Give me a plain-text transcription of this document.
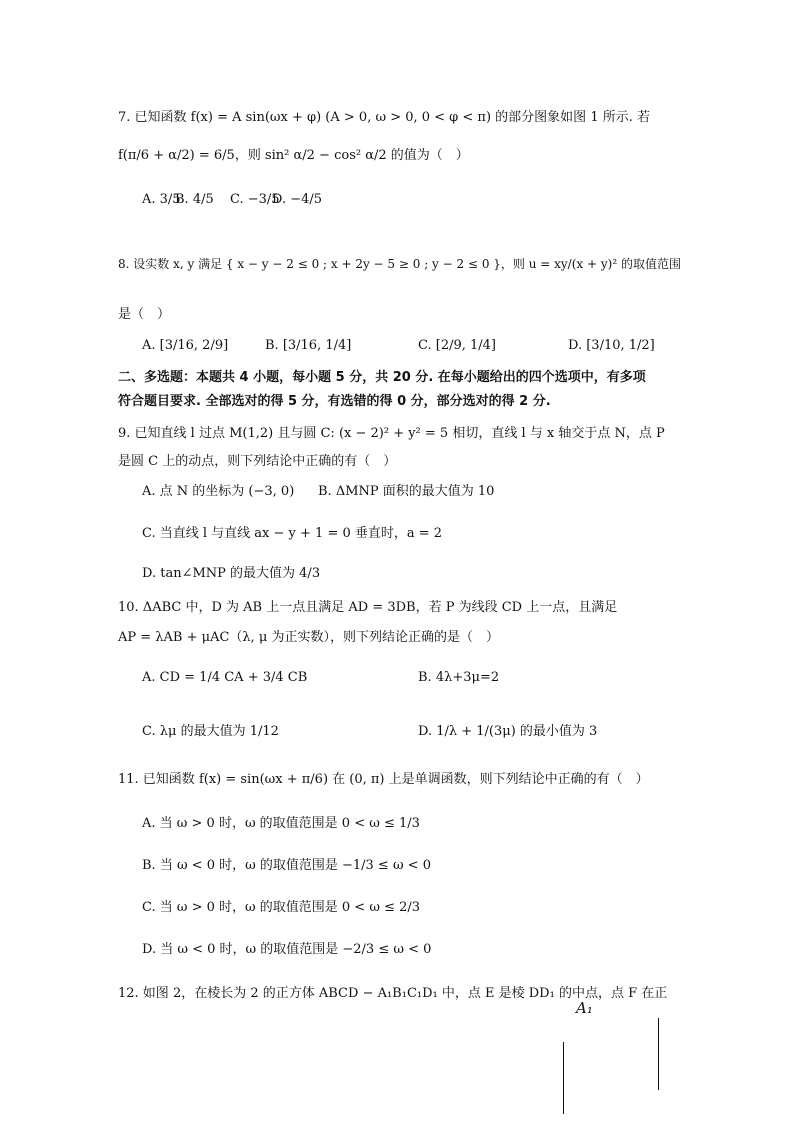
7. 已知函数 f(x) = A sin(ωx + φ) (A > 0, ω > 0, 0 < φ < π) 的部分图象如图 1 所示. 若
f(π/6 + α/2) = 6/5，则 sin² α/2 − cos² α/2 的值为（　）
A. 3/5
B. 4/5 C. −3/5
D. −4/5
8. 设实数 x, y 满足 { x − y − 2 ≤ 0 ; x + 2y − 5 ≥ 0 ; y − 2 ≤ 0 }，则 u = xy/(x + y)² 的取值范围
是（　）
A. [3/16, 2/9]	B. [3/16, 1/4]	C. [2/9, 1/4]	D. [3/10, 1/2]

二、多选题：本题共 4 小题，每小题 5 分，共 20 分. 在每小题给出的四个选项中，有多项

符合题目要求. 全部选对的得 5 分，有选错的得 0 分，部分选对的得 2 分.

9. 已知直线 l 过点 M(1,2) 且与圆 C: (x − 2)² + y² = 5 相切，直线 l 与 x 轴交于点 N，点 P
是圆 C 上的动点，则下列结论中正确的有（　）
A. 点 N 的坐标为 (−3, 0) B. ΔMNP 面积的最大值为 10
C. 当直线 l 与直线 ax − y + 1 = 0 垂直时，a = 2
D. tan∠MNP 的最大值为 4/3
10. ΔABC 中，D 为 AB 上一点且满足 AD = 3DB，若 P 为线段 CD 上一点，且满足
AP = λAB + μAC（λ, μ 为正实数），则下列结论正确的是（　）
A. CD = 1/4 CA + 3/4 CB	B. 4λ+3μ=2
C. λμ 的最大值为 1/12	D. 1/λ + 1/(3μ) 的最小值为 3
11. 已知函数 f(x) = sin(ωx + π/6) 在 (0, π) 上是单调函数，则下列结论中正确的有（　）
A. 当 ω > 0 时，ω 的取值范围是 0 < ω ≤ 1/3
B. 当 ω < 0 时，ω 的取值范围是 −1/3 ≤ ω < 0
C. 当 ω > 0 时，ω 的取值范围是 0 < ω ≤ 2/3
D. 当 ω < 0 时，ω 的取值范围是 −2/3 ≤ ω < 0
12. 如图 2，在棱长为 2 的正方体 ABCD − A₁B₁C₁D₁ 中，点 E 是棱 DD₁ 的中点，点 F 在正
A₁
